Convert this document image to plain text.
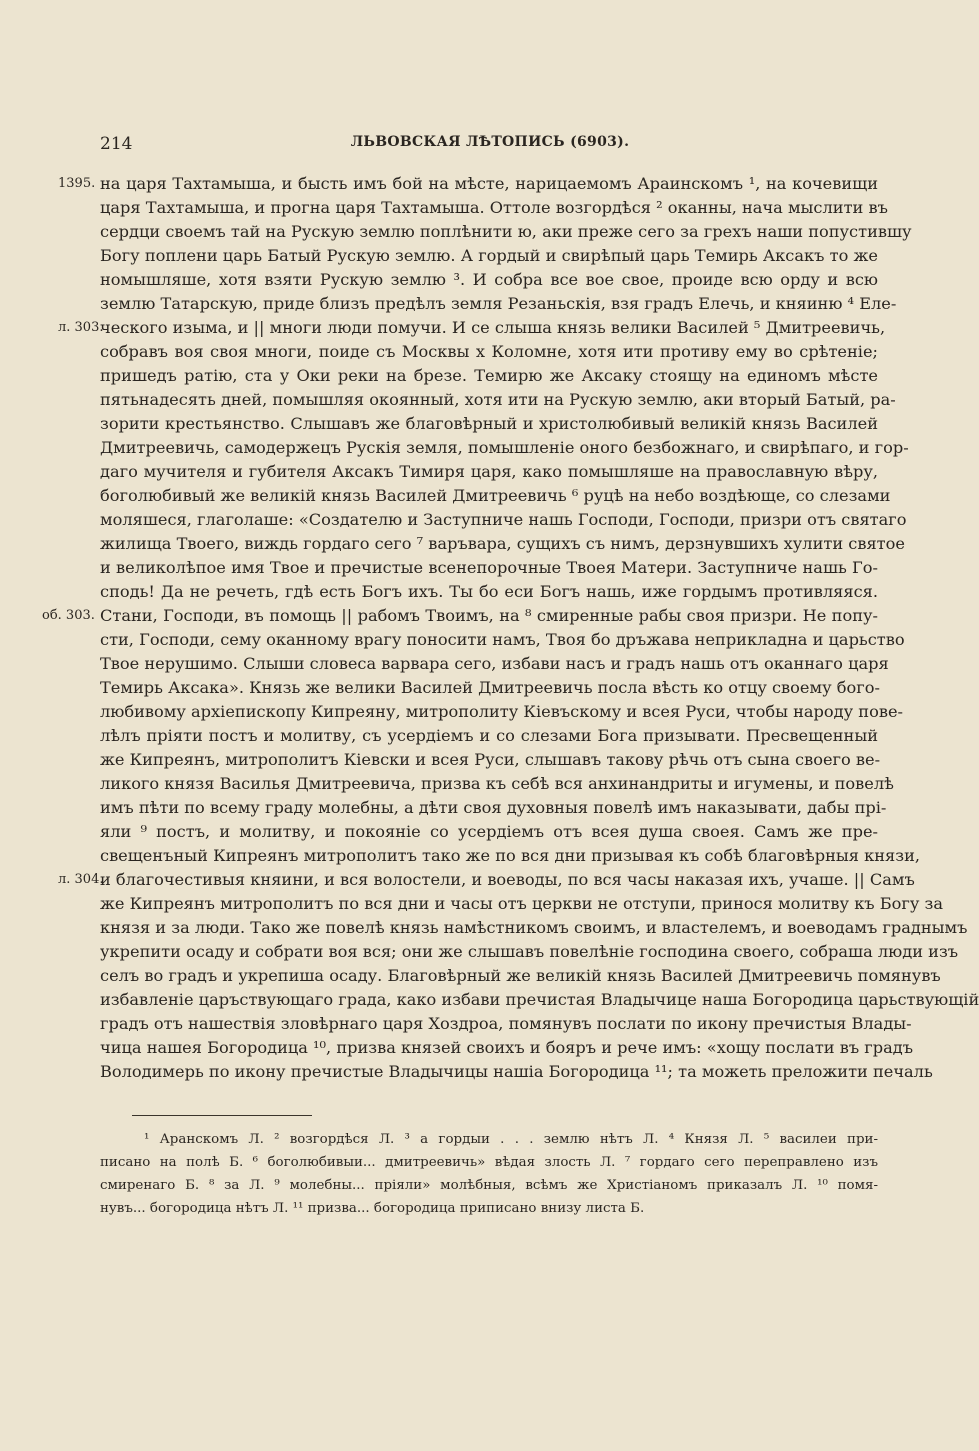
214	ЛЬВОВСКАЯ ЛѢТОПИСЬ (6903).
1395.
л. 303.
об. 303.
л. 304.
на царя Тахтамыша, и бысть имъ бой на мѣсте, нарицаемомъ Араинскомъ ¹, на кочевищи
царя Тахтамыша, и прогна царя Тахтамыша. Оттоле возгордѣся ² оканны, нача мыслити въ
сердци своемъ тай на Рускую землю поплѣнити ю, аки преже сего за грехъ наши попустившу
Богу поплени царь Батый Рускую землю. А гордый и свирѣпый царь Темирь Аксакъ то же
номышляше, хотя взяти Рускую землю ³. И собра все вое свое, проиде всю орду и всю
землю Татарскую, приде близъ предѣлъ земля Резаньскія, взя градъ Елечь, и княиню ⁴ Еле-
ческого изыма, и || многи люди помучи. И се слыша князь велики Василей ⁵ Дмитреевичь,
собравъ воя своя многи, поиде съ Москвы х Коломне, хотя ити противу ему во срѣтеніе;
пришедъ ратію, ста у Оки реки на брезе. Темирю же Аксаку стоящу на единомъ мѣсте
пятьнадесять дней, помышляя окоянный, хотя ити на Рускую землю, аки вторый Батый, ра-
зорити крестьянство. Слышавъ же благовѣрный и христолюбивый великій князь Василей
Дмитреевичь, самодержецъ Рускія земля, помышленіе оного безбожнаго, и свирѣпаго, и гор-
даго мучителя и губителя Аксакъ Тимиря царя, како помышляше на православную вѣру,
боголюбивый же великій князь Василей Дмитреевичь ⁶ руцѣ на небо воздѣюще, со слезами
моляшеся, глаголаше: «Создателю и Заступниче нашь Господи, Господи, призри отъ святаго
жилища Твоего, виждь гордаго сего ⁷ варъвара, сущихъ съ нимъ, дерзнувшихъ хулити святое
и великолѣпое имя Твое и пречистые всенепорочные Твоея Матери. Заступниче нашь Го-
сподь! Да не речеть, гдѣ есть Богъ ихъ. Ты бо еси Богъ нашь, иже гордымъ противляяся.
Стани, Господи, въ помощь || рабомъ Твоимъ, на ⁸ смиренные рабы своя призри. Не попу-
сти, Господи, сему оканному врагу поносити намъ, Твоя бо дръжава неприкладна и царьство
Твое нерушимо. Слыши словеса варвара сего, избави насъ и градъ нашь отъ оканнаго царя
Темирь Аксака». Князь же велики Василей Дмитреевичь посла вѣсть ко отцу своему бого-
любивому архіепископу Кипреяну, митрополиту Кіевъскому и всея Руси, чтобы народу пове-
лѣлъ пріяти постъ и молитву, съ усердіемъ и со слезами Бога призывати. Пресвещенный
же Кипреянъ, митрополитъ Кіевски и всея Руси, слышавъ такову рѣчь отъ сына своего ве-
ликого князя Василья Дмитреевича, призва къ себѣ вся анхинандриты и игумены, и повелѣ
имъ пѣти по всему граду молебны, а дѣти своя духовныя повелѣ имъ наказывати, дабы прі-
яли ⁹ постъ, и молитву, и покояніе со усердіемъ отъ всея душа своея. Самъ же пре-
свещенъный Кипреянъ митрополитъ тако же по вся дни призывая къ собѣ благовѣрныя князи,
и благочестивыя княини, и вся волостели, и воеводы, по вся часы наказая ихъ, учаше. || Самъ
же Кипреянъ митрополитъ по вся дни и часы отъ церкви не отступи, принося молитву къ Богу за
князя и за люди. Тако же повелѣ князь намѣстникомъ своимъ, и властелемъ, и воеводамъ граднымъ
укрепити осаду и собрати воя вся; они же слышавъ повелѣніе господина своего, собраша люди изъ
селъ во градъ и укрепиша осаду. Благовѣрный же великій князь Василей Дмитреевичь помянувъ
избавленіе царъствующаго града, како избави пречистая Владычице наша Богородица царьствующій
градъ отъ нашествія зловѣрнаго царя Хоздроа, помянувъ послати по икону пречистыя Влады-
чица нашея Богородица ¹⁰, призва князей своихъ и бояръ и рече имъ: «хощу послати въ градъ
Володимерь по икону пречистые Владычицы нашіа Богородица ¹¹; та можеть преложити печаль
¹ Аранскомъ Л. ² возгордѣся Л. ³ а гордыи . . . землю нѣтъ Л. ⁴ Князя Л. ⁵ василеи при-
писано на полѣ Б. ⁶ боголюбивыи... дмитреевичь» вѣдая злость Л. ⁷ гордаго сего переправлено изъ
смиренаго Б. ⁸ за Л. ⁹ молебны... пріяли» молѣбныя, всѣмъ же Христіаномъ приказалъ Л. ¹⁰ помя-
нувъ... богородица нѣтъ Л. ¹¹ призва... богородица приписано внизу листа Б.
